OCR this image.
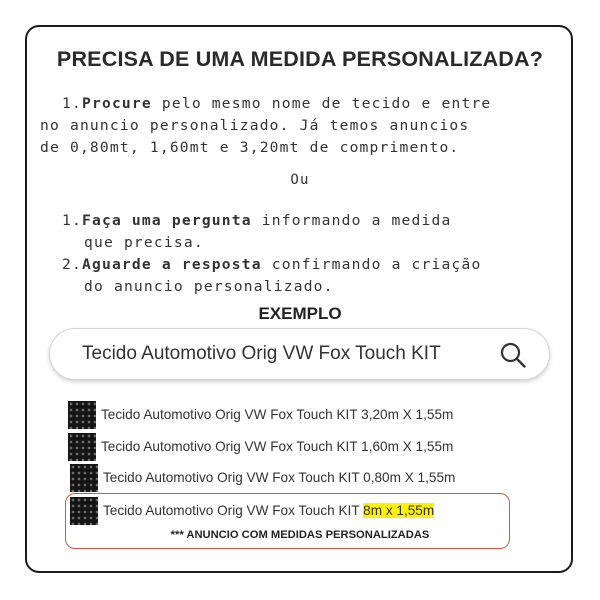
PRECISA DE UMA MEDIDA PERSONALIZADA?
1.Procure pelo mesmo nome de tecido e entre
no anuncio personalizado. Já temos anuncios
de 0,80mt, 1,60mt e 3,20mt de comprimento.
Ou
1.Faça uma pergunta informando a medida
que precisa.
2.Aguarde a resposta confirmando a criação
do anuncio personalizado.
EXEMPLO
Tecido Automotivo Orig VW Fox Touch KIT
Tecido Automotivo Orig VW Fox Touch KIT 3,20m X 1,55m
Tecido Automotivo Orig VW Fox Touch KIT 1,60m X 1,55m
Tecido Automotivo Orig VW Fox Touch KIT 0,80m X 1,55m
Tecido Automotivo Orig VW Fox Touch KIT 8m x 1,55m
*** ANUNCIO COM MEDIDAS PERSONALIZADAS
